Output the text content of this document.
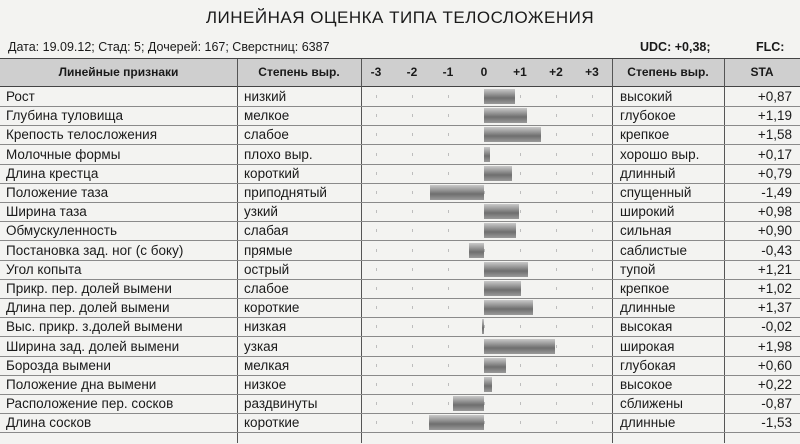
ЛИНЕЙНАЯ ОЦЕНКА ТИПА ТЕЛОСЛОЖЕНИЯ
Дата: 19.09.12; Стад: 5; Дочерей: 167; Сверстниц: 6387	UDC: +0,38;	FLC:
Линейные признаки	Степень выр.	-3	-2	-1	0	+1	+2	+3	Степень выр.	STA
Рост	низкий	высокий	+0,87
Глубина туловища	мелкое	глубокое	+1,19
Крепость телосложения	слабое	крепкое	+1,58
Молочные формы	плохо выр.	хорошо выр.	+0,17
Длина крестца	короткий	длинный	+0,79
Положение таза	приподнятый	спущенный	-1,49
Ширина таза	узкий	широкий	+0,98
Обмускуленность	слабая	сильная	+0,90
Постановка зад. ног (с боку)	прямые	саблистые	-0,43
Угол копыта	острый	тупой	+1,21
Прикр. пер. долей вымени	слабое	крепкое	+1,02
Длина пер. долей вымени	короткие	длинные	+1,37
Выс. прикр. з.долей вымени	низкая	высокая	-0,02
Ширина зад. долей вымени	узкая	широкая	+1,98
Борозда вымени	мелкая	глубокая	+0,60
Положение дна вымени	низкое	высокое	+0,22
Расположение пер. сосков	раздвинуты	сближены	-0,87
Длина сосков	короткие	длинные	-1,53
